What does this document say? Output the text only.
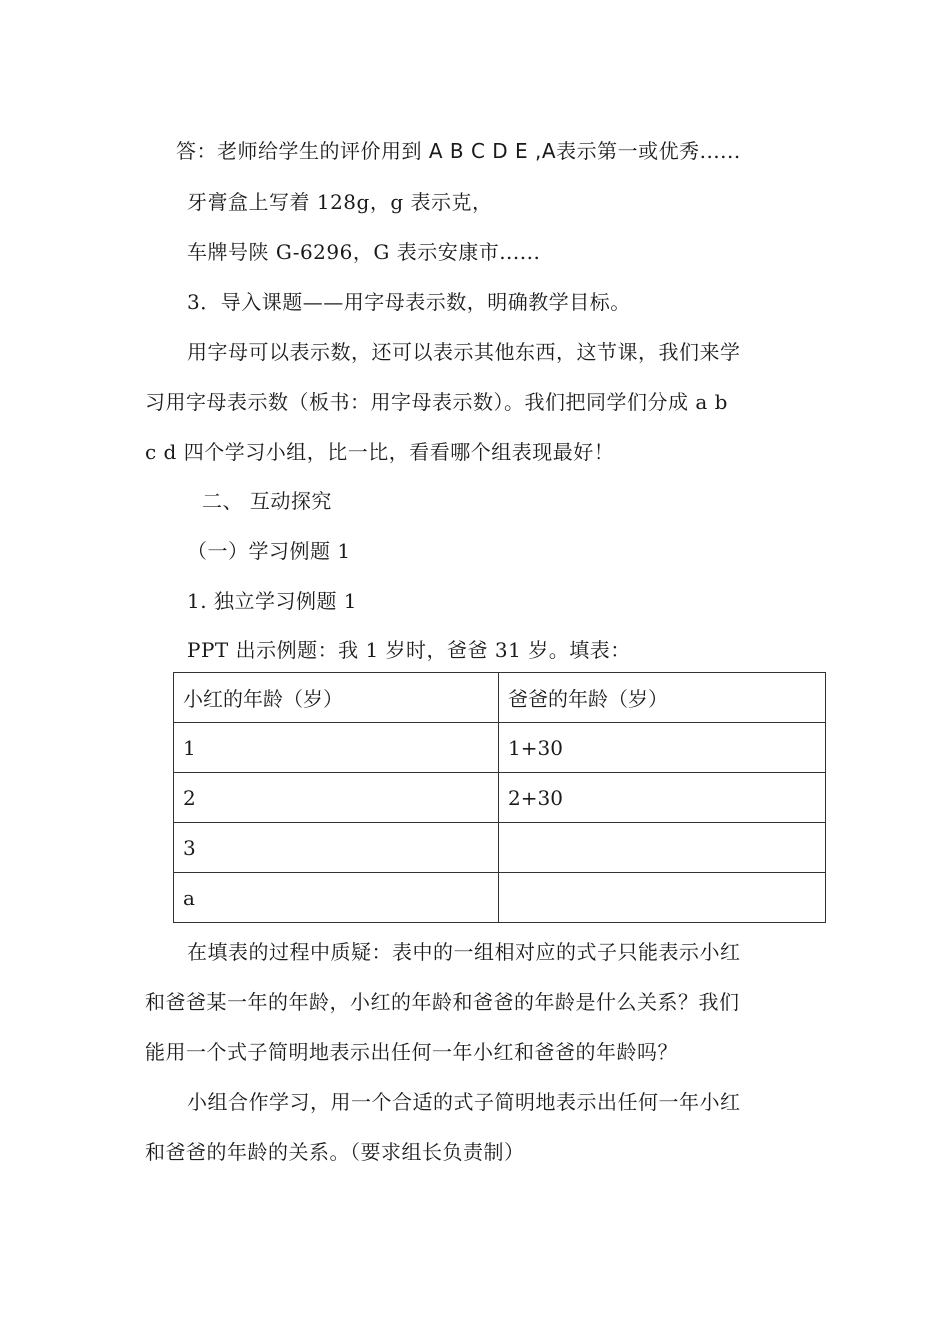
答：老师给学生的评价用到 A B C D E ,A表示第一或优秀......
牙膏盒上写着 128g，g 表示克，
车牌号陕 G-6296，G 表示安康市......
3．导入课题——用字母表示数，明确教学目标。
用字母可以表示数，还可以表示其他东西，这节课，我们来学
习用字母表示数（板书：用字母表示数）。我们把同学们分成 a b
c d 四个学习小组，比一比，看看哪个组表现最好！
二、 互动探究
（一）学习例题 1
1. 独立学习例题 1
PPT 出示例题：我 1 岁时，爸爸 31 岁。填表：
小红的年龄（岁）	爸爸的年龄（岁）
1	1+30
2	2+30
3	
a	
在填表的过程中质疑：表中的一组相对应的式子只能表示小红
和爸爸某一年的年龄，小红的年龄和爸爸的年龄是什么关系？我们
能用一个式子简明地表示出任何一年小红和爸爸的年龄吗？
小组合作学习，用一个合适的式子简明地表示出任何一年小红
和爸爸的年龄的关系。（要求组长负责制）
